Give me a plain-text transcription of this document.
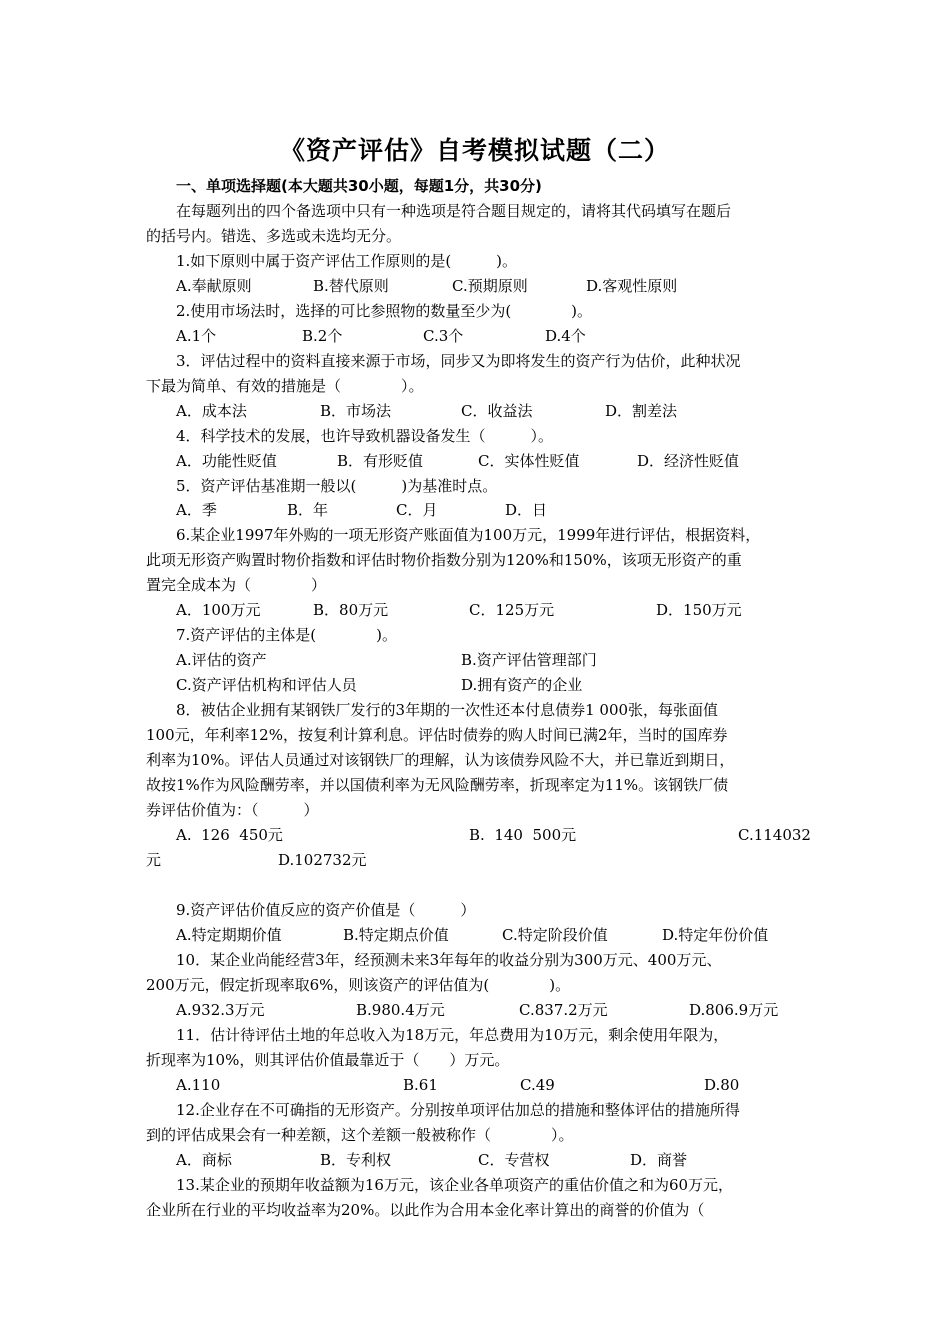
《资产评估》自考模拟试题（二）
一、单项选择题(本大题共30小题，每题1分，共30分)
在每题列出的四个备选项中只有一种选项是符合题目规定的，请将其代码填写在题后
的括号内。错选、多选或未选均无分。
1.如下原则中属于资产评估工作原则的是(　　　)。
A.奉献原则	B.替代原则	C.预期原则	D.客观性原则
2.使用市场法时，选择的可比参照物的数量至少为(　　　　)。
A.1个	B.2个	C.3个	D.4个
3．评估过程中的资料直接来源于市场，同步又为即将发生的资产行为估价，此种状况
下最为简单、有效的措施是（　　　　）。
A．成本法	B．市场法	C．收益法	D．割差法
4．科学技术的发展，也许导致机器设备发生（　　　）。
A．功能性贬值	B．有形贬值	C．实体性贬值	D．经济性贬值
5．资产评估基准期一般以(　　　)为基准时点。
A．季	B．年	C．月	D．日
6.某企业1997年外购的一项无形资产账面值为100万元，1999年进行评估，根据资料，
此项无形资产购置时物价指数和评估时物价指数分别为120%和150%，该项无形资产的重
置完全成本为（　　　　）
A．100万元	B．80万元	C．125万元	D．150万元
7.资产评估的主体是(　　　　)。
A.评估的资产	B.资产评估管理部门
C.资产评估机构和评估人员	D.拥有资产的企业
8．被估企业拥有某钢铁厂发行的3年期的一次性还本付息债券1 000张，每张面值
100元，年利率12%，按复利计算利息。评估时债券的购人时间已满2年，当时的国库券
利率为10%。评估人员通过对该钢铁厂的理解，认为该债券风险不大，并已靠近到期日，
故按1%作为风险酬劳率，并以国债利率为无风险酬劳率，折现率定为11%。该钢铁厂债
券评估价值为：（　　　）
A.  126  450元	B.  140  500元	C.114032
元	D.102732元
9.资产评估价值反应的资产价值是（　　　）
A.特定期期价值	B.特定期点价值	C.特定阶段价值	D.特定年份价值
10．某企业尚能经营3年，经预测未来3年每年的收益分别为300万元、400万元、
200万元，假定折现率取6%，则该资产的评估值为(　　　　)。
A.932.3万元	B.980.4万元	C.837.2万元	D.806.9万元
11．估计待评估土地的年总收入为18万元，年总费用为10万元，剩余使用年限为，
折现率为10%，则其评估价值最靠近于（　　）万元。
A.110	B.61	C.49	D.80
12.企业存在不可确指的无形资产。分别按单项评估加总的措施和整体评估的措施所得
到的评估成果会有一种差额，这个差额一般被称作（　　　　）。
A．商标	B．专利权	C．专营权	D．商誉
13.某企业的预期年收益额为16万元，该企业各单项资产的重估价值之和为60万元，
企业所在行业的平均收益率为20%。以此作为合用本金化率计算出的商誉的价值为（
